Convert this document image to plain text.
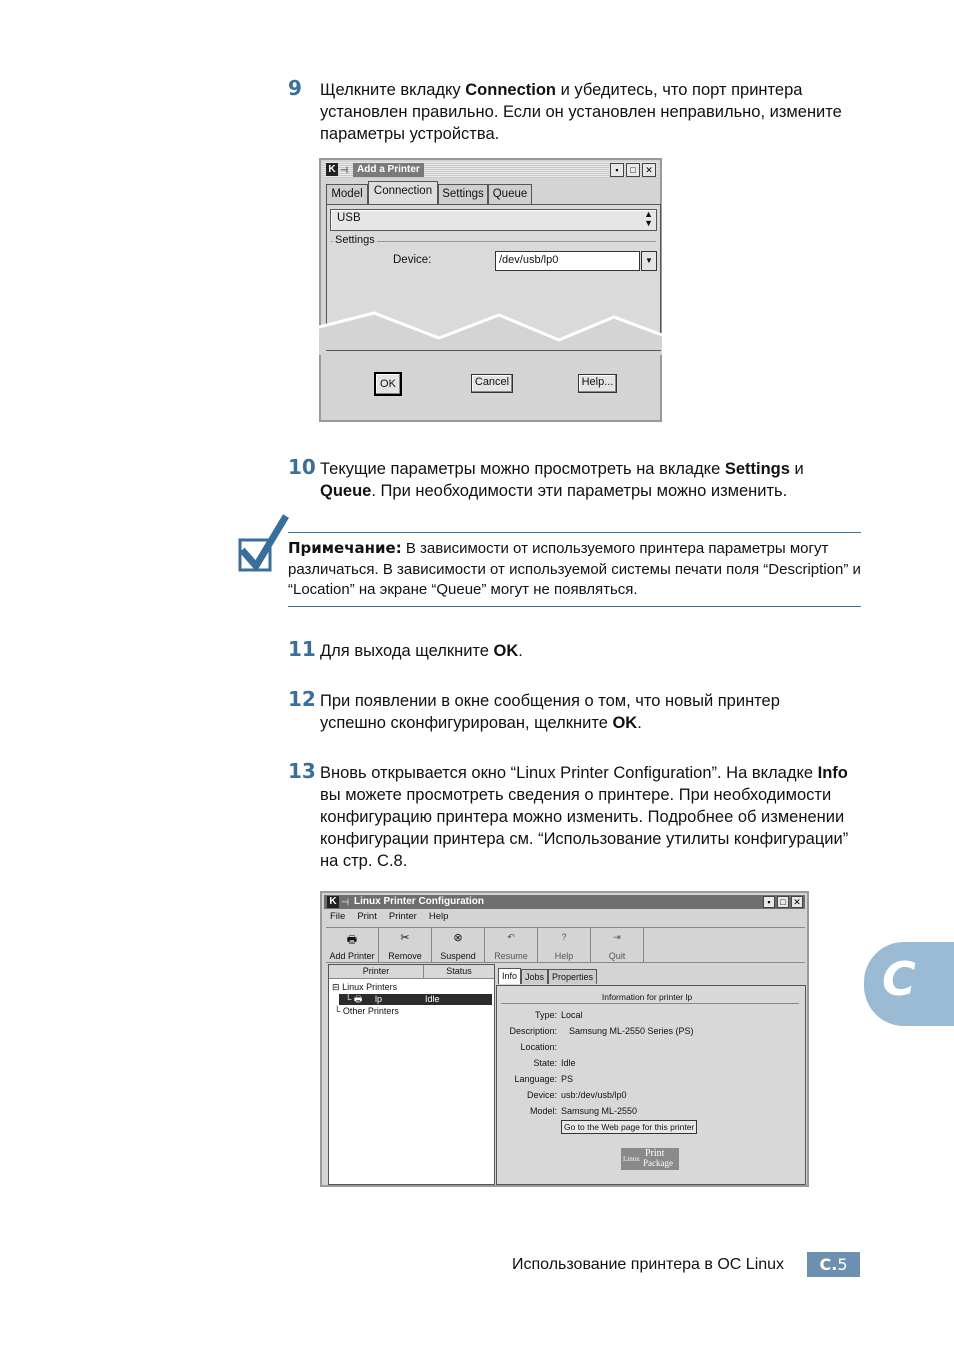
9 Щелкните вкладку Connection и убедитесь, что порт принтера установлен правильно. Если он установлен неправильно, измените параметры устройства.
K ⊣ Add a Printer	▪	□	✕
Model Connection Settings Queue
USB	▲
▼
Settings
Device:	/dev/usb/lp0	▼
OK	Cancel	Help...
10 Текущие параметры можно просмотреть на вкладке Settings и Queue. При необходимости эти параметры можно изменить.
Примечание: В зависимости от используемого принтера параметры могут различаться. В зависимости от используемой системы печати поля “Description” и “Location” на экране “Queue” могут не появляться.
11 Для выхода щелкните OK.
12 При появлении в окне сообщения о том, что новый принтер успешно сконфигурирован, щелкните OK.
13 Вновь открывается окно “Linux Printer Configuration”. На вкладке Info вы можете просмотреть сведения о принтере. При необходимости конфигурацию принтера можно изменить. Подробнее об изменении конфигурации принтера см. “Использование утилиты конфигурации” на стр. С.8.
K ⊣ Linux Printer Configuration	▪	□ ✕
File Print Printer Help
🖶
Add Printer
✂
Remove
⊗
Suspend
↶
Resume
?
Help
⇥
Quit
Printer	Status
⊟ Linux Printers
└ 🖶 lp	Idle
└ Other Printers
Info Jobs Properties
Information for printer lp
Type: Local
Description: Samsung ML-2550 Series (PS)
Location:
State: Idle
Language: PS
Device: usb:/dev/usb/lp0
Model: Samsung ML-2550
Go to the Web page for this printer
Linux Print
Package
C
Использование принтера в ОС Linux	C.5
